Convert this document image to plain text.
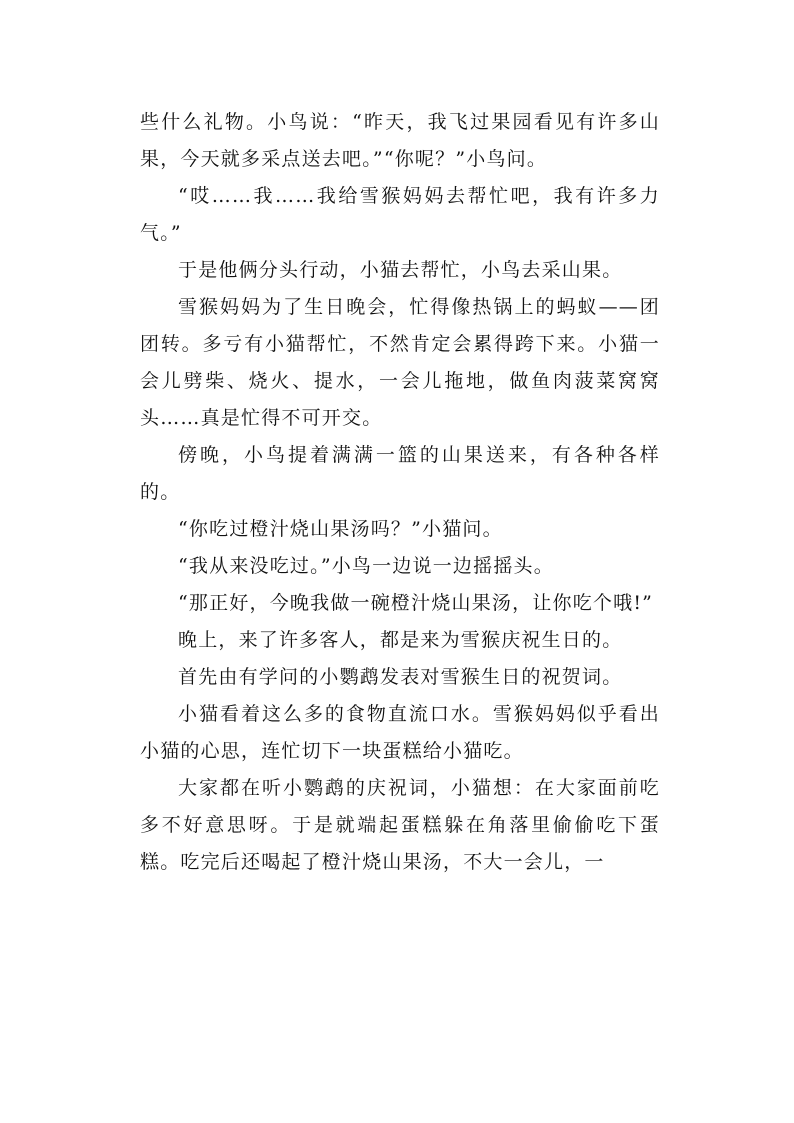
些什么礼物。小鸟说：“昨天，我飞过果园看见有许多山果，今天就多采点送去吧。”“你呢？”小鸟问。

“哎……我……我给雪猴妈妈去帮忙吧，我有许多力气。”

于是他俩分头行动，小猫去帮忙，小鸟去采山果。

雪猴妈妈为了生日晚会，忙得像热锅上的蚂蚁——团团转。多亏有小猫帮忙，不然肯定会累得跨下来。小猫一会儿劈柴、烧火、提水，一会儿拖地，做鱼肉菠菜窝窝头……真是忙得不可开交。

傍晚，小鸟提着满满一篮的山果送来，有各种各样的。

“你吃过橙汁烧山果汤吗？”小猫问。

“我从来没吃过。”小鸟一边说一边摇摇头。

“那正好，今晚我做一碗橙汁烧山果汤，让你吃个哦!”

晚上，来了许多客人，都是来为雪猴庆祝生日的。

首先由有学问的小鹦鹉发表对雪猴生日的祝贺词。

小猫看着这么多的食物直流口水。雪猴妈妈似乎看出小猫的心思，连忙切下一块蛋糕给小猫吃。

大家都在听小鹦鹉的庆祝词，小猫想：在大家面前吃多不好意思呀。于是就端起蛋糕躲在角落里偷偷吃下蛋糕。吃完后还喝起了橙汁烧山果汤，不大一会儿，一
